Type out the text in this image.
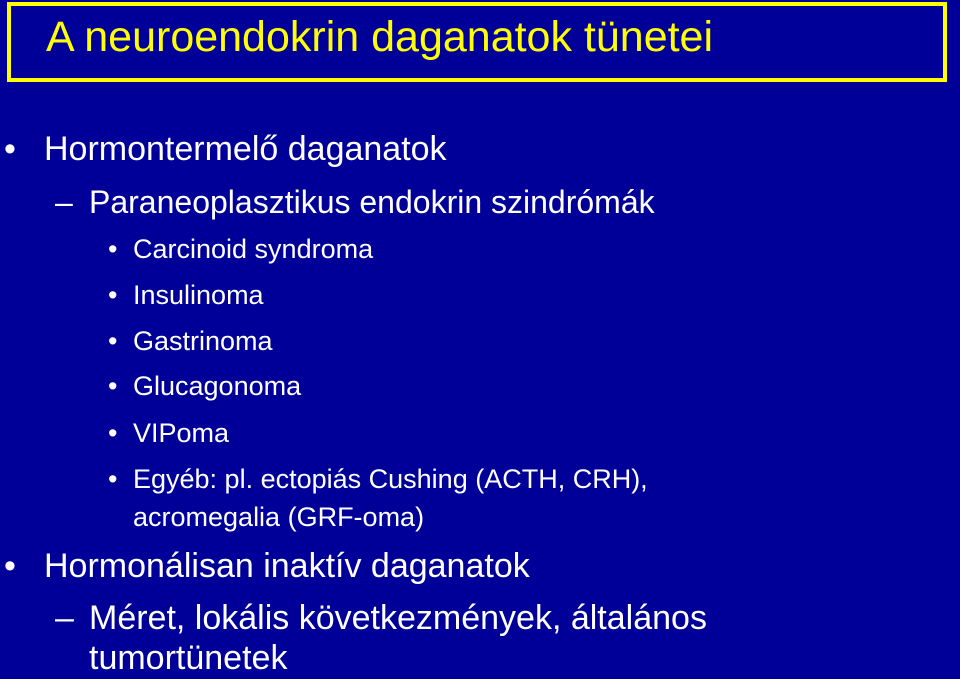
A neuroendokrin daganatok tünetei
• Hormontermelő daganatok
– Paraneoplasztikus endokrin szindrómák
• Carcinoid syndroma
• Insulinoma
• Gastrinoma
• Glucagonoma
• VIPoma
• Egyéb: pl. ectopiás Cushing (ACTH, CRH),
acromegalia (GRF-oma)
• Hormonálisan inaktív daganatok
– Méret, lokális következmények, általános
tumortünetek
